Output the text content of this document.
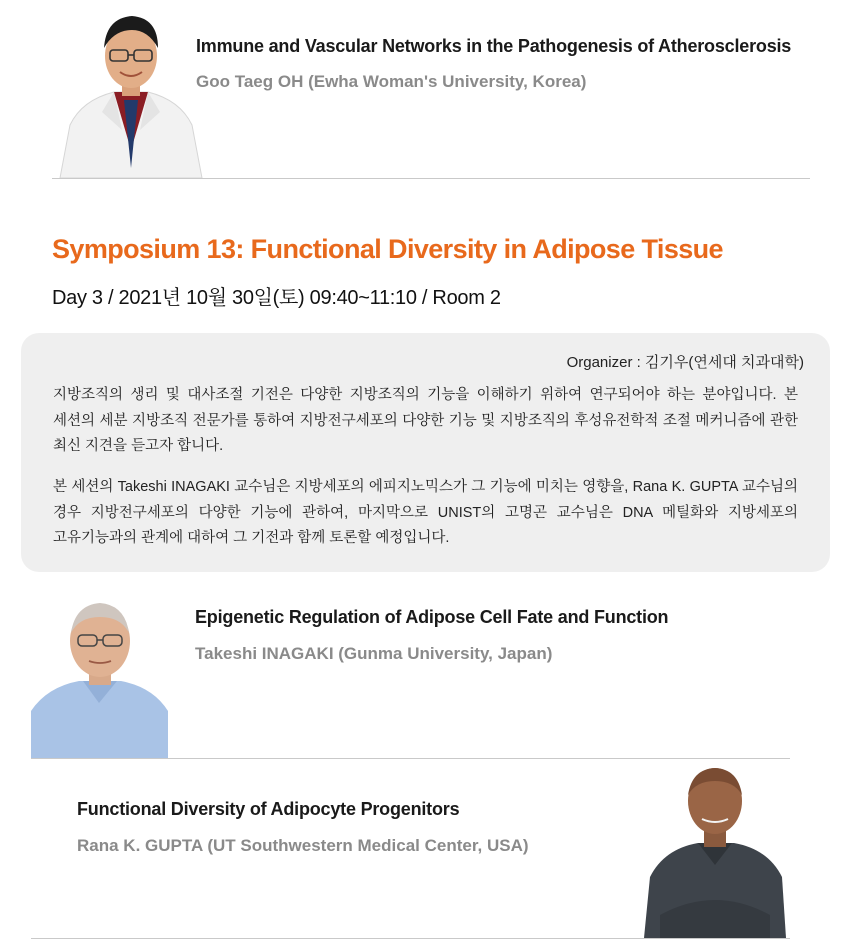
Immune and Vascular Networks in the Pathogenesis of Atherosclerosis
Goo Taeg OH (Ewha Woman's University, Korea)
Symposium 13: Functional Diversity in Adipose Tissue
Day 3 / 2021년 10월 30일(토) 09:40~11:10 / Room 2
Organizer : 김기우(연세대 치과대학)
지방조직의 생리 및 대사조절 기전은 다양한 지방조직의 기능을 이해하기 위하여 연구되어야 하는 분야입니다. 본 세션의 세분 지방조직 전문가를 통하여 지방전구세포의 다양한 기능 및 지방조직의 후성유전학적 조절 메커니즘에 관한 최신 지견을 듣고자 합니다.
본 세션의 Takeshi INAGAKI 교수님은 지방세포의 에피지노믹스가 그 기능에 미치는 영향을, Rana K. GUPTA 교수님의 경우 지방전구세포의 다양한 기능에 관하여, 마지막으로 UNIST의 고명곤 교수님은 DNA 메틸화와 지방세포의 고유기능과의 관계에 대하여 그 기전과 함께 토론할 예정입니다.
Epigenetic Regulation of Adipose Cell Fate and Function
Takeshi INAGAKI (Gunma University, Japan)
Functional Diversity of Adipocyte Progenitors
Rana K. GUPTA (UT Southwestern Medical Center, USA)
